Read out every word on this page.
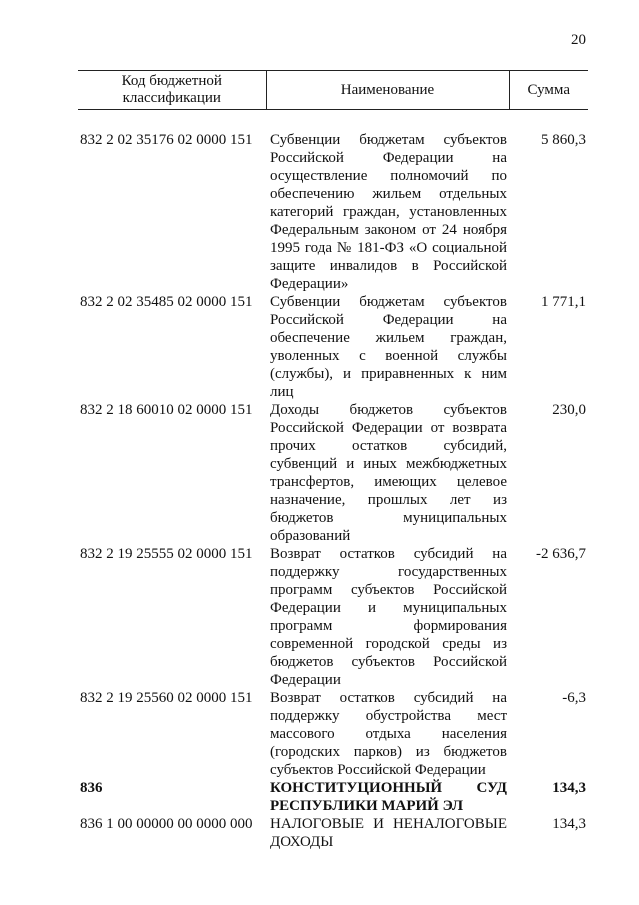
20
Код бюджетной классификации	Наименование	Сумма

832 2 02 35176 02 0000 151	Субвенции бюджетам субъектов Российской Федерации на осуществление полномочий по обеспечению жильем отдельных категорий граждан, установленных Федеральным законом от 24 ноября 1995 года № 181-ФЗ «О социальной защите инвалидов в Российской Федерации»	5 860,3
832 2 02 35485 02 0000 151	Субвенции бюджетам субъектов Российской Федерации на обеспечение жильем граждан, уволенных с военной службы (службы), и приравненных к ним лиц	1 771,1
832 2 18 60010 02 0000 151	Доходы бюджетов субъектов Российской Федерации от возврата прочих остатков субсидий, субвенций и иных межбюджетных трансфертов, имеющих целевое назначение, прошлых лет из бюджетов муниципальных образований	230,0
832 2 19 25555 02 0000 151	Возврат остатков субсидий на поддержку государственных программ субъектов Российской Федерации и муниципальных программ формирования современной городской среды из бюджетов субъектов Российской Федерации	-2 636,7
832 2 19 25560 02 0000 151	Возврат остатков субсидий на поддержку обустройства мест массового отдыха населения (городских парков) из бюджетов субъектов Российской Федерации	-6,3
836	КОНСТИТУЦИОННЫЙ СУД РЕСПУБЛИКИ МАРИЙ ЭЛ	134,3
836 1 00 00000 00 0000 000	НАЛОГОВЫЕ И НЕНАЛОГОВЫЕ ДОХОДЫ	134,3
